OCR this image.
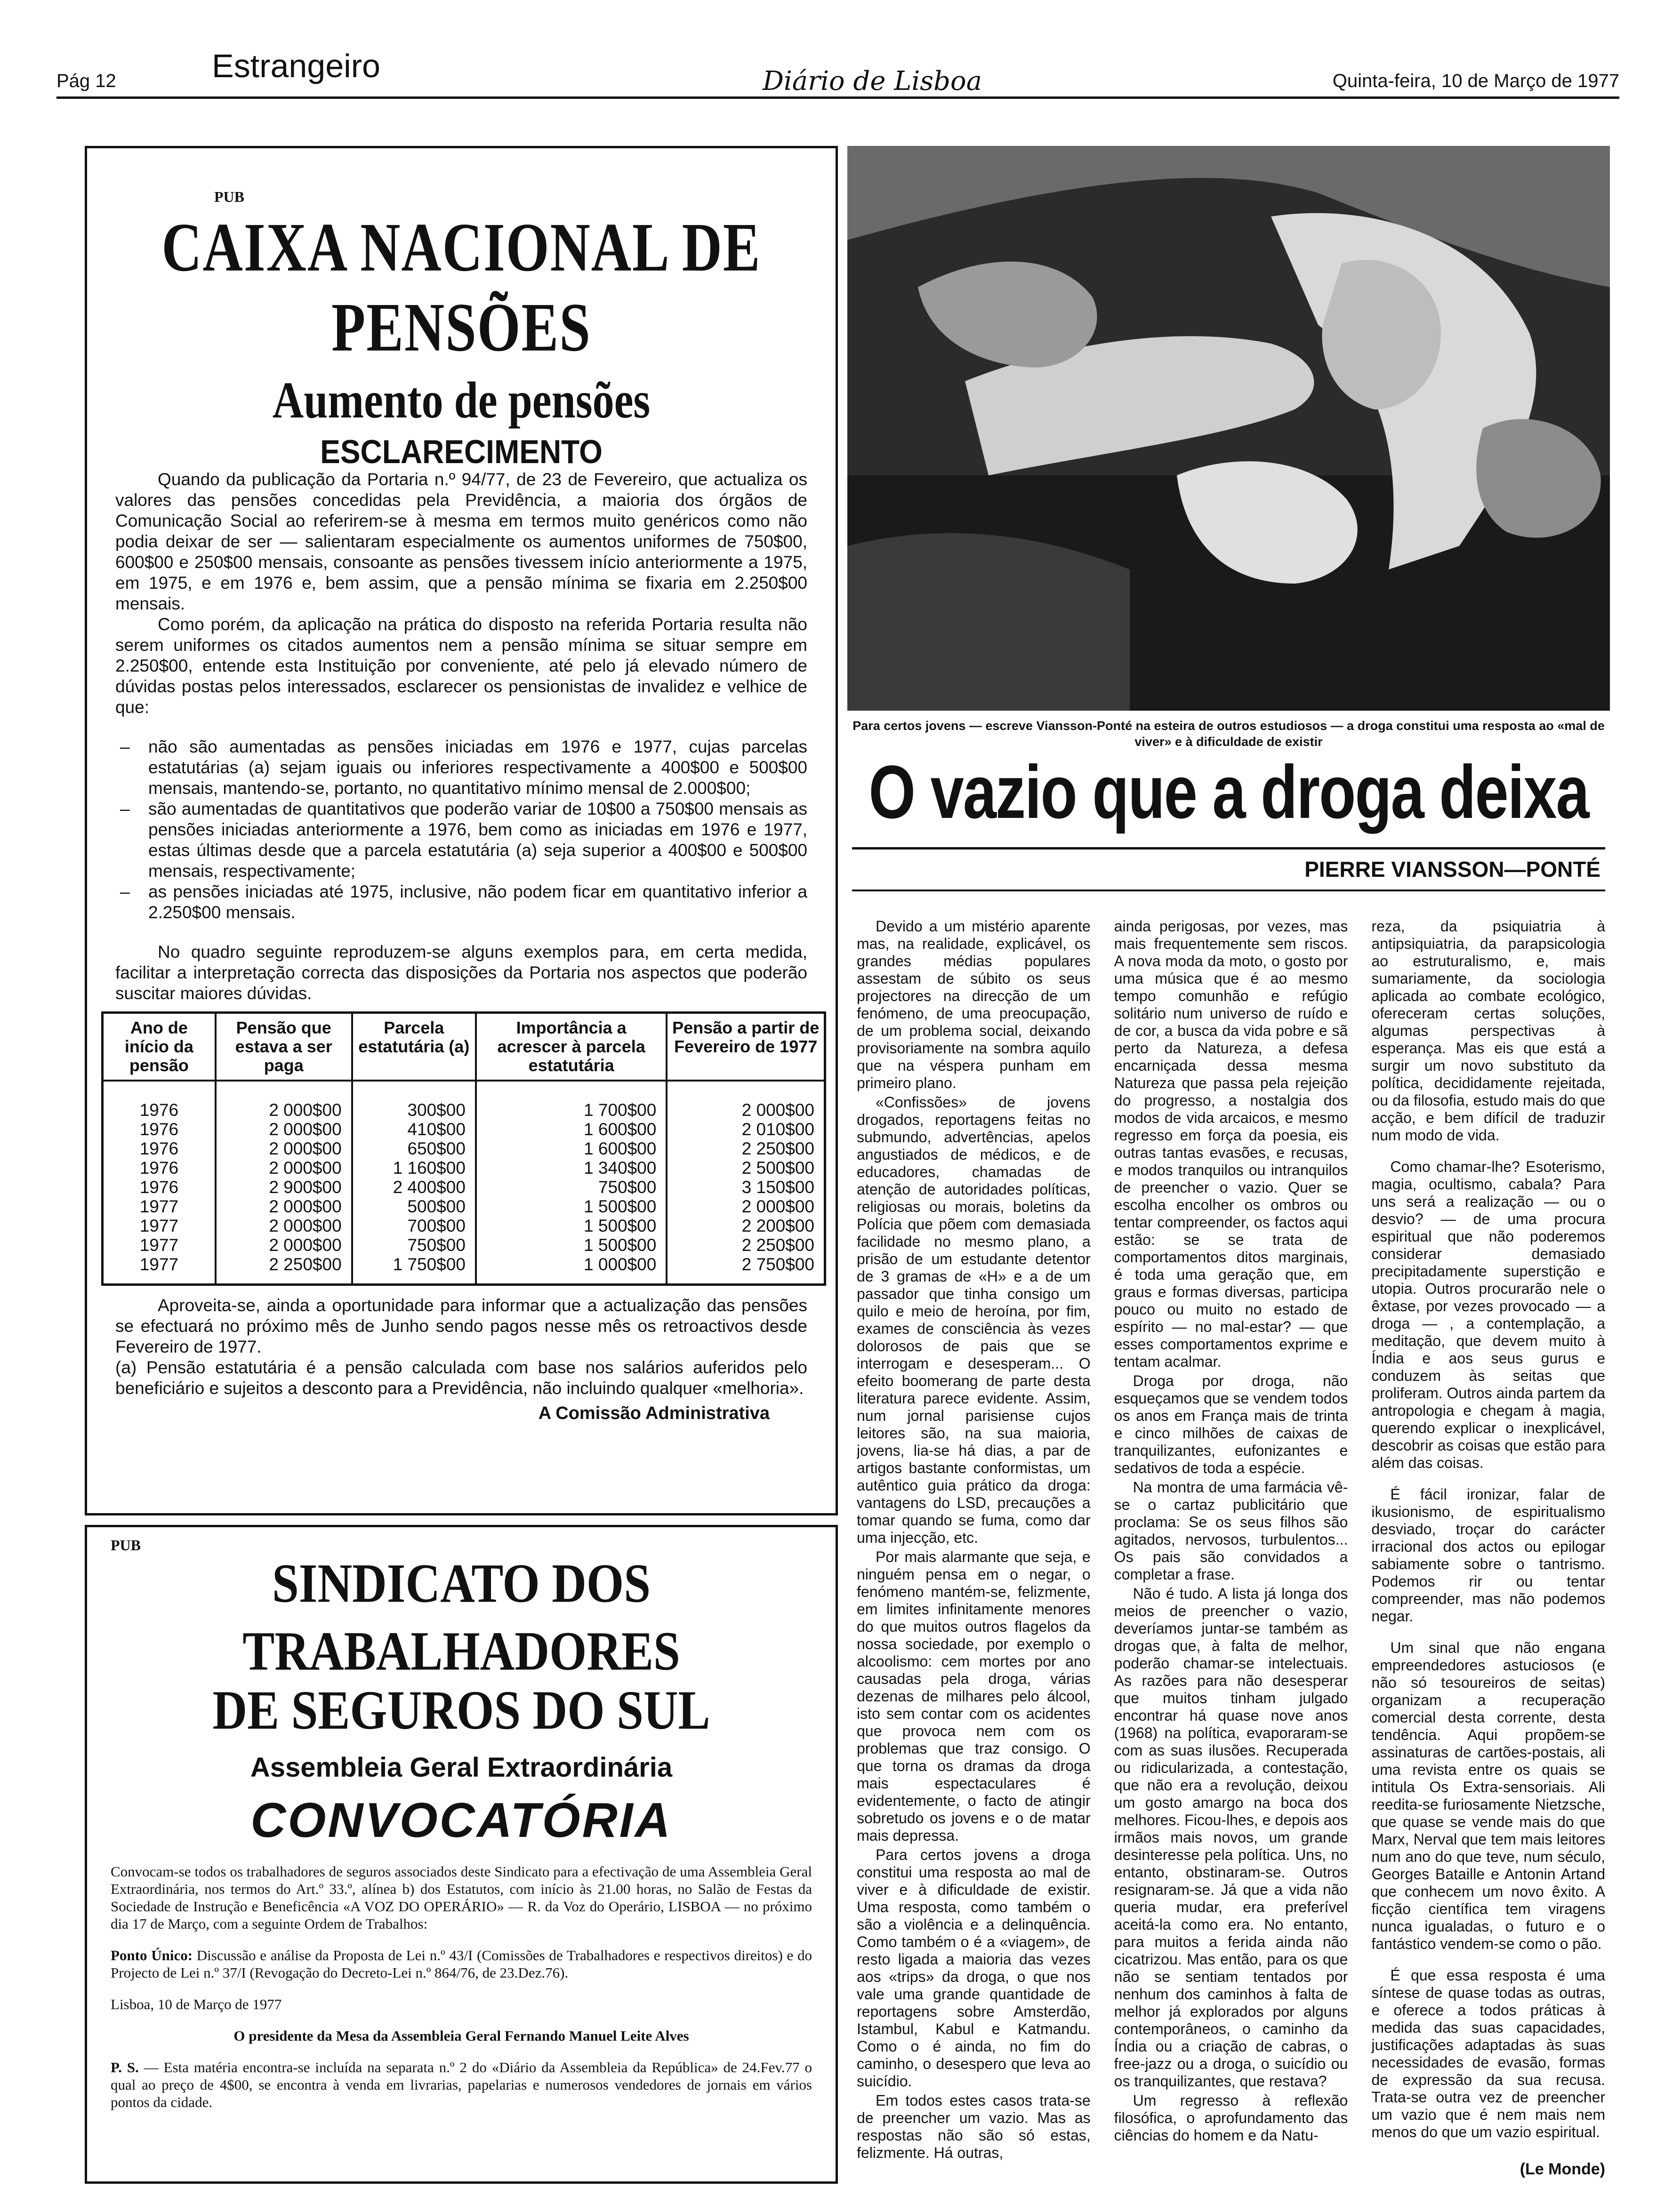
Pág 12	Estrangeiro	Diário de Lisboa	Quinta-feira, 10 de Março de 1977
PUB
CAIXA NACIONAL DE PENSÕES
Aumento de pensões
ESCLARECIMENTO

Quando da publicação da Portaria n.º 94/77, de 23 de Fevereiro, que actualiza os valores das pensões concedidas pela Previdência, a maioria dos órgãos de Comunicação Social ao referirem-se à mesma em termos muito genéricos como não podia deixar de ser — salientaram especialmente os aumentos uniformes de 750$00, 600$00 e 250$00 mensais, consoante as pensões tivessem início anteriormente a 1975, em 1975, e em 1976 e, bem assim, que a pensão mínima se fixaria em 2.250$00 mensais.

Como porém, da aplicação na prática do disposto na referida Portaria resulta não serem uniformes os citados aumentos nem a pensão mínima se situar sempre em 2.250$00, entende esta Instituição por conveniente, até pelo já elevado número de dúvidas postas pelos interessados, esclarecer os pensionistas de invalidez e velhice de que:

– não são aumentadas as pensões iniciadas em 1976 e 1977, cujas parcelas estatutárias (a) sejam iguais ou inferiores respectivamente a 400$00 e 500$00 mensais, mantendo-se, portanto, no quantitativo mínimo mensal de 2.000$00;

– são aumentadas de quantitativos que poderão variar de 10$00 a 750$00 mensais as pensões iniciadas anteriormente a 1976, bem como as iniciadas em 1976 e 1977, estas últimas desde que a parcela estatutária (a) seja superior a 400$00 e 500$00 mensais, respectivamente;

– as pensões iniciadas até 1975, inclusive, não podem ficar em quantitativo inferior a 2.250$00 mensais.

No quadro seguinte reproduzem-se alguns exemplos para, em certa medida, facilitar a interpretação correcta das disposições da Portaria nos aspectos que poderão suscitar maiores dúvidas.

Ano de início da pensão	Pensão que estava a ser paga	Parcela estatutária (a)	Importância a acrescer à parcela estatutária	Pensão a partir de Fevereiro de 1977
1976	2 000$00	300$00	1 700$00	2 000$00
1976	2 000$00	410$00	1 600$00	2 010$00
1976	2 000$00	650$00	1 600$00	2 250$00
1976	2 000$00	1 160$00	1 340$00	2 500$00
1976	2 900$00	2 400$00	750$00	3 150$00
1977	2 000$00	500$00	1 500$00	2 000$00
1977	2 000$00	700$00	1 500$00	2 200$00
1977	2 000$00	750$00	1 500$00	2 250$00
1977	2 250$00	1 750$00	1 000$00	2 750$00

Aproveita-se, ainda a oportunidade para informar que a actualização das pensões se efectuará no próximo mês de Junho sendo pagos nesse mês os retroactivos desde Fevereiro de 1977.

(a) Pensão estatutária é a pensão calculada com base nos salários auferidos pelo beneficiário e sujeitos a desconto para a Previdência, não incluindo qualquer «melhoria».

A Comissão Administrativa
PUB
SINDICATO DOS TRABALHADORES
DE SEGUROS DO SUL
Assembleia Geral Extraordinária
CONVOCATÓRIA

Convocam-se todos os trabalhadores de seguros associados deste Sindicato para a efectivação de uma Assembleia Geral Extraordinária, nos termos do Art.º 33.º, alínea b) dos Estatutos, com início às 21.00 horas, no Salão de Festas da Sociedade de Instrução e Beneficência «A VOZ DO OPERÁRIO» — R. da Voz do Operário, LISBOA — no próximo dia 17 de Março, com a seguinte Ordem de Trabalhos:

Ponto Único: Discussão e análise da Proposta de Lei n.º 43/I (Comissões de Trabalhadores e respectivos direitos) e do Projecto de Lei n.º 37/I (Revogação do Decreto-Lei n.º 864/76, de 23.Dez.76).

Lisboa, 10 de Março de 1977

O presidente da Mesa da Assembleia Geral Fernando Manuel Leite Alves

P. S. — Esta matéria encontra-se incluída na separata n.º 2 do «Diário da Assembleia da República» de 24.Fev.77 o qual ao preço de 4$00, se encontra à venda em livrarias, papelarias e numerosos vendedores de jornais em vários pontos da cidade.

Para certos jovens — escreve Viansson-Ponté na esteira de outros estudiosos — a droga constitui uma resposta ao «mal de viver» e à dificuldade de existir
O vazio que a droga deixa
PIERRE VIANSSON—PONTÉ

Devido a um mistério aparente mas, na realidade, explicável, os grandes médias populares assestam de súbito os seus projectores na direcção de um fenómeno, de uma preocupação, de um problema social, deixando provisoriamente na sombra aquilo que na véspera punham em primeiro plano.

«Confissões» de jovens drogados, reportagens feitas no submundo, advertências, apelos angustiados de médicos, e de educadores, chamadas de atenção de autoridades políticas, religiosas ou morais, boletins da Polícia que põem com demasiada facilidade no mesmo plano, a prisão de um estudante detentor de 3 gramas de «H» e a de um passador que tinha consigo um quilo e meio de heroína, por fim, exames de consciência às vezes dolorosos de pais que se interrogam e desesperam... O efeito boomerang de parte desta literatura parece evidente. Assim, num jornal parisiense cujos leitores são, na sua maioria, jovens, lia-se há dias, a par de artigos bastante conformistas, um autêntico guia prático da droga: vantagens do LSD, precauções a tomar quando se fuma, como dar uma injecção, etc.

Por mais alarmante que seja, e ninguém pensa em o negar, o fenómeno mantém-se, felizmente, em limites infinitamente menores do que muitos outros flagelos da nossa sociedade, por exemplo o alcoolismo: cem mortes por ano causadas pela droga, várias dezenas de milhares pelo álcool, isto sem contar com os acidentes que provoca nem com os problemas que traz consigo. O que torna os dramas da droga mais espectaculares é evidentemente, o facto de atingir sobretudo os jovens e o de matar mais depressa.

Para certos jovens a droga constitui uma resposta ao mal de viver e à dificuldade de existir. Uma resposta, como também o são a violência e a delinquência. Como também o é a «viagem», de resto ligada a maioria das vezes aos «trips» da droga, o que nos vale uma grande quantidade de reportagens sobre Amsterdão, Istambul, Kabul e Katmandu. Como o é ainda, no fim do caminho, o desespero que leva ao suicídio.

Em todos estes casos trata-se de preencher um vazio. Mas as respostas não são só estas, felizmente. Há outras,

ainda perigosas, por vezes, mas mais frequentemente sem riscos. A nova moda da moto, o gosto por uma música que é ao mesmo tempo comunhão e refúgio solitário num universo de ruído e de cor, a busca da vida pobre e sã perto da Natureza, a defesa encarniçada dessa mesma Natureza que passa pela rejeição do progresso, a nostalgia dos modos de vida arcaicos, e mesmo regresso em força da poesia, eis outras tantas evasões, e recusas, e modos tranquilos ou intranquilos de preencher o vazio. Quer se escolha encolher os ombros ou tentar compreender, os factos aqui estão: se se trata de comportamentos ditos marginais, é toda uma geração que, em graus e formas diversas, participa pouco ou muito no estado de espírito — no mal-estar? — que esses comportamentos exprime e tentam acalmar.

Droga por droga, não esqueçamos que se vendem todos os anos em França mais de trinta e cinco milhões de caixas de tranquilizantes, eufonizantes e sedativos de toda a espécie.

Na montra de uma farmácia vê-se o cartaz publicitário que proclama: Se os seus filhos são agitados, nervosos, turbulentos... Os pais são convidados a completar a frase.

Não é tudo. A lista já longa dos meios de preencher o vazio, deveríamos juntar-se também as drogas que, à falta de melhor, poderão chamar-se intelectuais. As razões para não desesperar que muitos tinham julgado encontrar há quase nove anos (1968) na política, evaporaram-se com as suas ilusões. Recuperada ou ridicularizada, a contestação, que não era a revolução, deixou um gosto amargo na boca dos melhores. Ficou-lhes, e depois aos irmãos mais novos, um grande desinteresse pela política. Uns, no entanto, obstinaram-se. Outros resignaram-se. Já que a vida não queria mudar, era preferível aceitá-la como era. No entanto, para muitos a ferida ainda não cicatrizou. Mas então, para os que não se sentiam tentados por nenhum dos caminhos à falta de melhor já explorados por alguns contemporâneos, o caminho da Índia ou a criação de cabras, o free-jazz ou a droga, o suicídio ou os tranquilizantes, que restava?

Um regresso à reflexão filosófica, o aprofundamento das ciências do homem e da Natu-

reza, da psiquiatria à antipsiquiatria, da parapsicologia ao estruturalismo, e, mais sumariamente, da sociologia aplicada ao combate ecológico, ofereceram certas soluções, algumas perspectivas à esperança. Mas eis que está a surgir um novo substituto da política, decididamente rejeitada, ou da filosofia, estudo mais do que acção, e bem difícil de traduzir num modo de vida.

Como chamar-lhe? Esoterismo, magia, ocultismo, cabala? Para uns será a realização — ou o desvio? — de uma procura espiritual que não poderemos considerar demasiado precipitadamente superstição e utopia. Outros procurarão nele o êxtase, por vezes provocado — a droga — , a contemplação, a meditação, que devem muito à Índia e aos seus gurus e conduzem às seitas que proliferam. Outros ainda partem da antropologia e chegam à magia, querendo explicar o inexplicável, descobrir as coisas que estão para além das coisas.

É fácil ironizar, falar de ikusionismo, de espiritualismo desviado, troçar do carácter irracional dos actos ou epilogar sabiamente sobre o tantrismo. Podemos rir ou tentar compreender, mas não podemos negar.

Um sinal que não engana empreendedores astuciosos (e não só tesoureiros de seitas) organizam a recuperação comercial desta corrente, desta tendência. Aqui propõem-se assinaturas de cartões-postais, ali uma revista entre os quais se intitula Os Extra-sensoriais. Ali reedita-se furiosamente Nietzsche, que quase se vende mais do que Marx, Nerval que tem mais leitores num ano do que teve, num século, Georges Bataille e Antonin Artand que conhecem um novo êxito. A ficção científica tem viragens nunca igualadas, o futuro e o fantástico vendem-se como o pão.

É que essa resposta é uma síntese de quase todas as outras, e oferece a todos práticas à medida das suas capacidades, justificações adaptadas às suas necessidades de evasão, formas de expressão da sua recusa. Trata-se outra vez de preencher um vazio que é nem mais nem menos do que um vazio espiritual.

(Le Monde)
